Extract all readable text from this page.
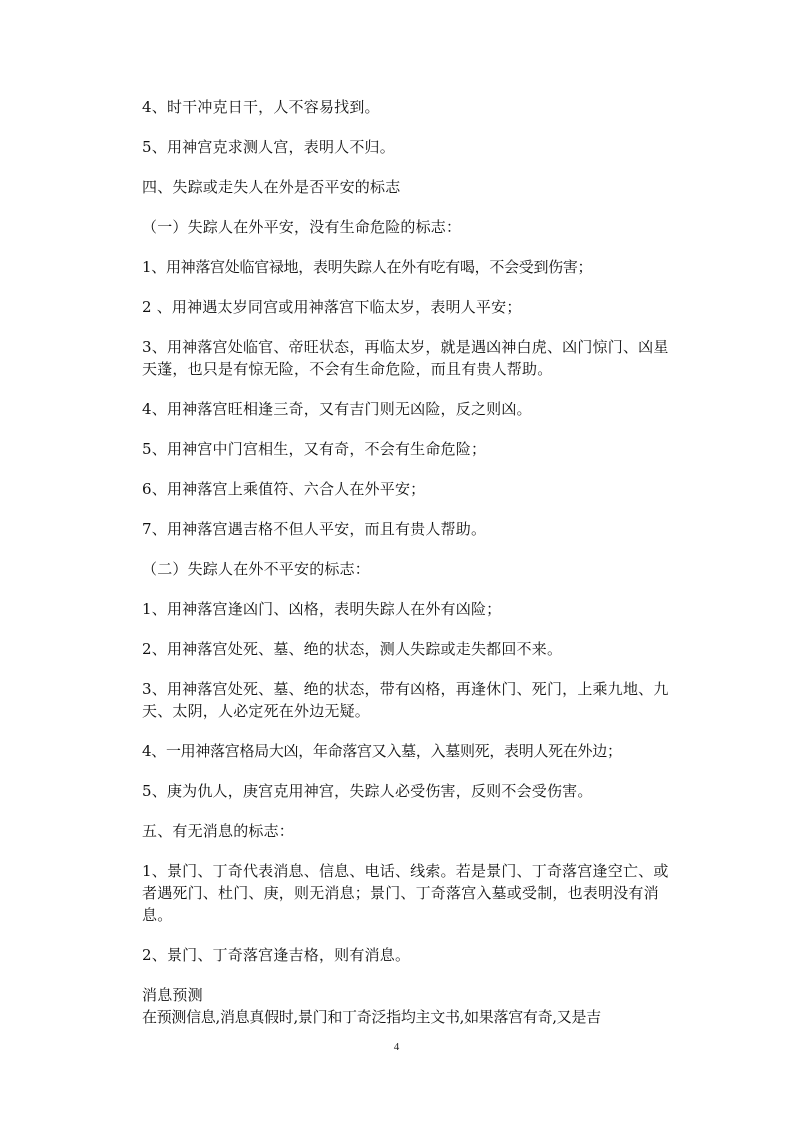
4、时干冲克日干，人不容易找到。
5、用神宫克求测人宫，表明人不归。
四、失踪或走失人在外是否平安的标志
（一）失踪人在外平安，没有生命危险的标志：
1、用神落宫处临官禄地，表明失踪人在外有吃有喝，不会受到伤害；
2 、用神遇太岁同宫或用神落宫下临太岁，表明人平安；
3、用神落宫处临官、帝旺状态，再临太岁，就是遇凶神白虎、凶门惊门、凶星天蓬，也只是有惊无险，不会有生命危险，而且有贵人帮助。
4、用神落宫旺相逢三奇，又有吉门则无凶险，反之则凶。
5、用神宫中门宫相生，又有奇，不会有生命危险；
6、用神落宫上乘值符、六合人在外平安；
7、用神落宫遇吉格不但人平安，而且有贵人帮助。
（二）失踪人在外不平安的标志：
1、用神落宫逢凶门、凶格，表明失踪人在外有凶险；
2、用神落宫处死、墓、绝的状态，测人失踪或走失都回不来。
3、用神落宫处死、墓、绝的状态，带有凶格，再逢休门、死门，上乘九地、九天、太阴，人必定死在外边无疑。
4、一用神落宫格局大凶，年命落宫又入墓，入墓则死，表明人死在外边；
5、庚为仇人，庚宫克用神宫，失踪人必受伤害，反则不会受伤害。
五、有无消息的标志：
1、景门、丁奇代表消息、信息、电话、线索。若是景门、丁奇落宫逢空亡、或者遇死门、杜门、庚，则无消息；景门、丁奇落宫入墓或受制，也表明没有消息。
2、景门、丁奇落宫逢吉格，则有消息。
消息预测
在预测信息,消息真假时,景门和丁奇泛指均主文书,如果落宫有奇,又是吉
4
